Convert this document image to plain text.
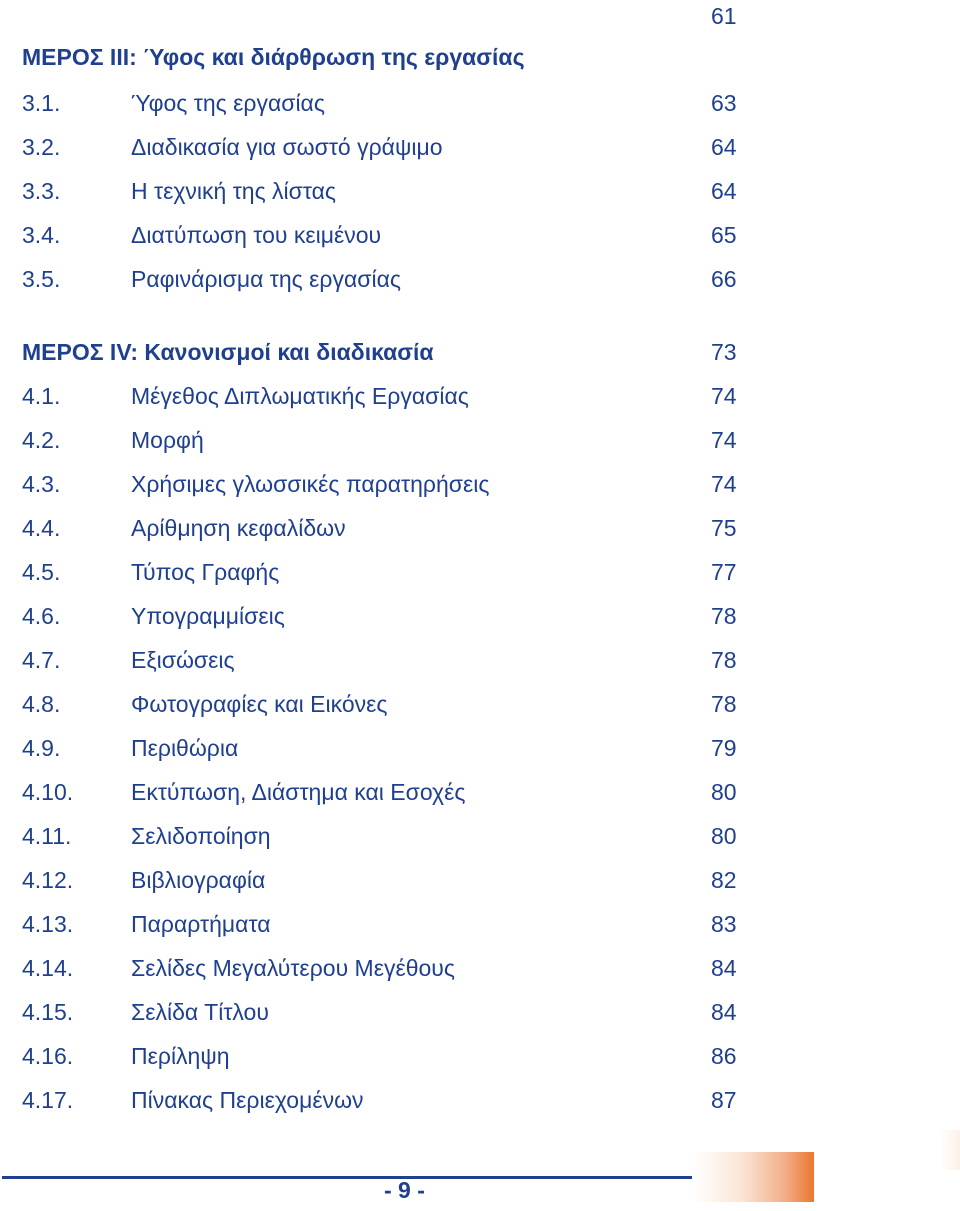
61
ΜΕΡΟΣ ΙΙΙ: Ύφος και διάρθρωση της εργασίας
3.1.	Ύφος της εργασίας	63
3.2.	Διαδικασία για σωστό γράψιμο	64
3.3.	Η τεχνική της λίστας	64
3.4.	Διατύπωση του κειμένου	65
3.5.	Ραφινάρισμα της εργασίας	66
ΜΕΡΟΣ ΙV: Κανονισμοί και διαδικασία	73
4.1.	Μέγεθος Διπλωματικής Εργασίας	74
4.2.	Μορφή	74
4.3.	Χρήσιμες γλωσσικές παρατηρήσεις	74
4.4.	Αρίθμηση κεφαλίδων	75
4.5.	Τύπος Γραφής	77
4.6.	Υπογραμμίσεις	78
4.7.	Εξισώσεις	78
4.8.	Φωτογραφίες και Εικόνες	78
4.9.	Περιθώρια	79
4.10.	Εκτύπωση, Διάστημα και Εσοχές	80
4.11.	Σελιδοποίηση	80
4.12.	Βιβλιογραφία	82
4.13.	Παραρτήματα	83
4.14.	Σελίδες Μεγαλύτερου Μεγέθους	84
4.15.	Σελίδα Τίτλου	84
4.16.	Περίληψη	86
4.17.	Πίνακας Περιεχομένων	87
- 9 -
